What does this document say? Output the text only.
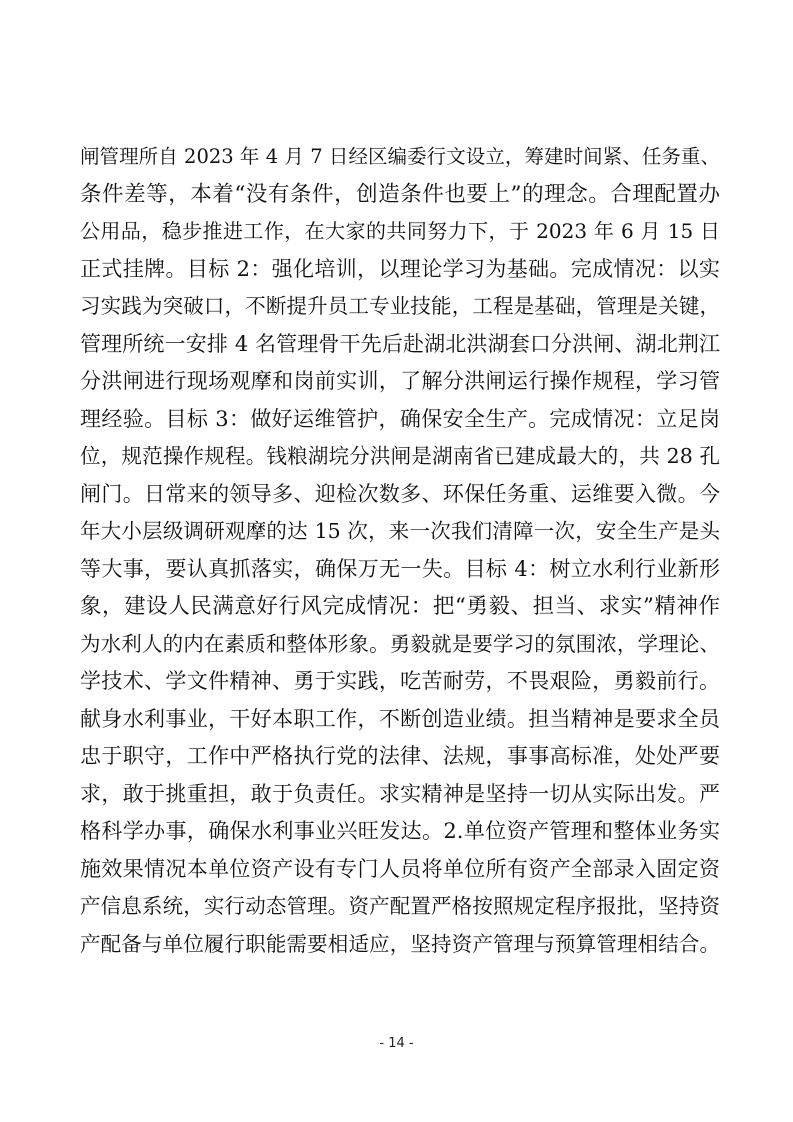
闸管理所自 2023 年 4 月 7 日经区编委行文设立，筹建时间紧、任务重、
条件差等，本着“没有条件，创造条件也要上”的理念。合理配置办
公用品，稳步推进工作，在大家的共同努力下，于 2023 年 6 月 15 日
正式挂牌。目标 2：强化培训，以理论学习为基础。完成情况：以实
习实践为突破口，不断提升员工专业技能，工程是基础，管理是关键，
管理所统一安排 4 名管理骨干先后赴湖北洪湖套口分洪闸、湖北荆江
分洪闸进行现场观摩和岗前实训，了解分洪闸运行操作规程，学习管
理经验。目标 3：做好运维管护，确保安全生产。完成情况：立足岗
位，规范操作规程。钱粮湖垸分洪闸是湖南省已建成最大的，共 28 孔
闸门。日常来的领导多、迎检次数多、环保任务重、运维要入微。今
年大小层级调研观摩的达 15 次，来一次我们清障一次，安全生产是头
等大事，要认真抓落实，确保万无一失。目标 4：树立水利行业新形
象，建设人民满意好行风完成情况：把“勇毅、担当、求实”精神作
为水利人的内在素质和整体形象。勇毅就是要学习的氛围浓，学理论、
学技术、学文件精神、勇于实践，吃苦耐劳，不畏艰险，勇毅前行。
献身水利事业，干好本职工作，不断创造业绩。担当精神是要求全员
忠于职守，工作中严格执行党的法律、法规，事事高标准，处处严要
求，敢于挑重担，敢于负责任。求实精神是坚持一切从实际出发。严
格科学办事，确保水利事业兴旺发达。2.单位资产管理和整体业务实
施效果情况本单位资产设有专门人员将单位所有资产全部录入固定资
产信息系统，实行动态管理。资产配置严格按照规定程序报批，坚持资
产配备与单位履行职能需要相适应，坚持资产管理与预算管理相结合。
- 14 -
